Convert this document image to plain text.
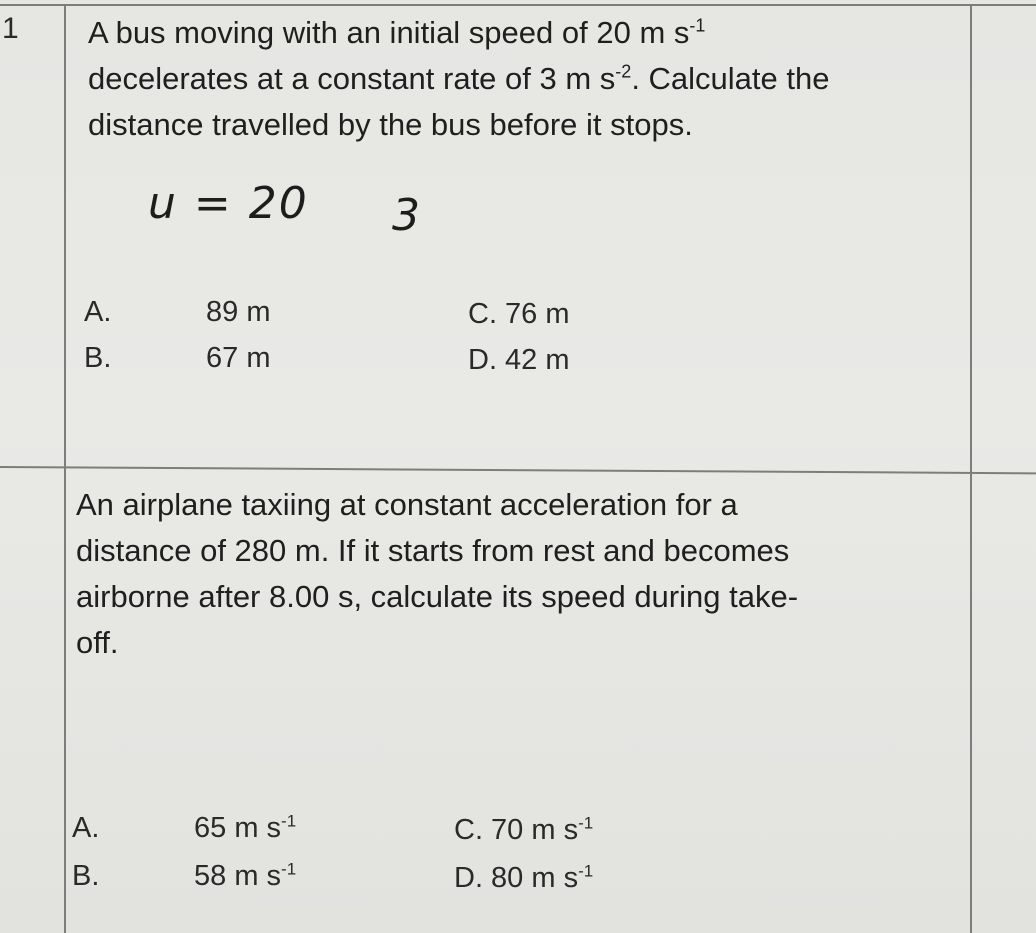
1 A bus moving with an initial speed of 20 m $s^{-1}$
decelerates at a constant rate of 3 m $s^{-2}$. Calculate the
distance travelled by the bus before it stops.
u = 20 3
A.	89 m
B.	67 m
C. 76 m
D. 42 m
An airplane taxiing at constant acceleration for a
distance of 280 m. If it starts from rest and becomes
airborne after 8.00 s, calculate its speed during take-
off.
A.	65 m $s^{-1}$
B.	58 m $s^{-1}$
C. 70 m $s^{-1}$
D. 80 m $s^{-1}$
